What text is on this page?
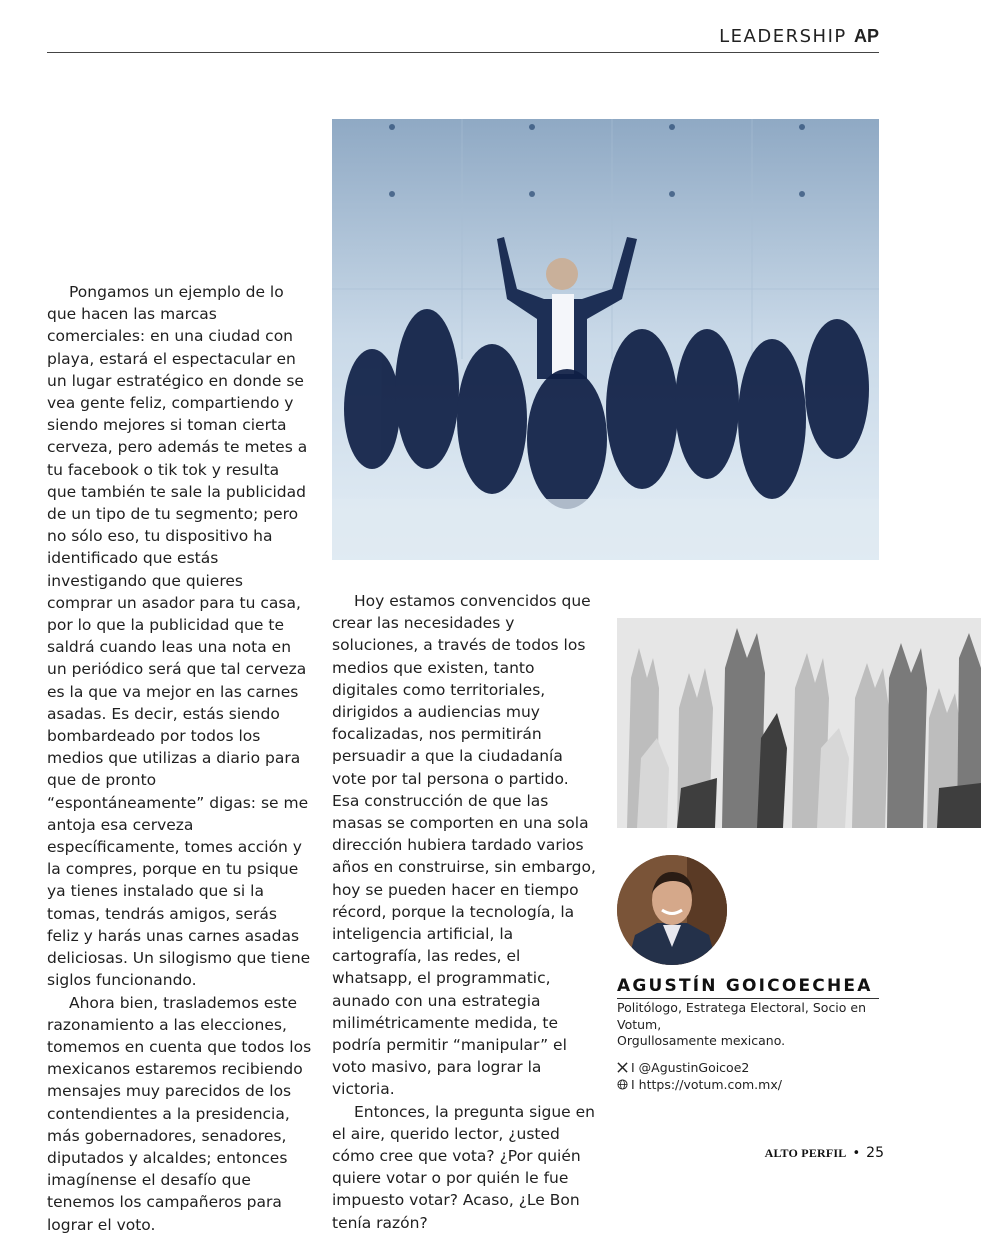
LEADERSHIP AP

Pongamos un ejemplo de lo que hacen las marcas comerciales: en una ciudad con playa, estará el espectacular en un lugar estratégico en donde se vea gente feliz, compartiendo y siendo mejores si toman cierta cerveza, pero además te metes a tu facebook o tik tok y resulta que también te sale la publicidad de un tipo de tu segmento; pero no sólo eso, tu dispositivo ha identificado que estás investigando que quieres comprar un asador para tu casa, por lo que la publicidad que te saldrá cuando leas una nota en un periódico será que tal cerveza es la que va mejor en las carnes asadas. Es decir, estás siendo bombardeado por todos los medios que utilizas a diario para que de pronto “espontáneamente” digas: se me antoja esa cerveza específicamente, tomes acción y la compres, porque en tu psique ya tienes instalado que si la tomas, tendrás amigos, serás feliz y harás unas carnes asadas deliciosas. Un silogismo que tiene siglos funcionando.

Ahora bien, traslademos este razonamiento a las elecciones, tomemos en cuenta que todos los mexicanos estaremos recibiendo mensajes muy parecidos de los contendientes a la presidencia, más gobernadores, senadores, diputados y alcaldes; entonces imagínense el desafío que tenemos los campañeros para lograr el voto.

Hoy estamos convencidos que crear las necesidades y soluciones, a través de todos los medios que existen, tanto digitales como territoriales, dirigidos a audiencias muy focalizadas, nos permitirán persuadir a que la ciudadanía vote por tal persona o partido. Esa construcción de que las masas se comporten en una sola dirección hubiera tardado varios años en construirse, sin embargo, hoy se pueden hacer en tiempo récord, porque la tecnología, la inteligencia artificial, la cartografía, las redes, el whatsapp, el programmatic, aunado con una estrategia milimétricamente medida, te podría permitir “manipular” el voto masivo, para lograr la victoria.

Entonces, la pregunta sigue en el aire, querido lector, ¿usted cómo cree que vota? ¿Por quién quiere votar o por quién le fue impuesto votar? Acaso, ¿Le Bon tenía razón?

AGUSTÍN GOICOECHEA
Politólogo, Estratega Electoral, Socio en Votum,
Orgullosamente mexicano.
I @AgustinGoicoe2
I https://votum.com.mx/
ALTO PERFIL • 25
